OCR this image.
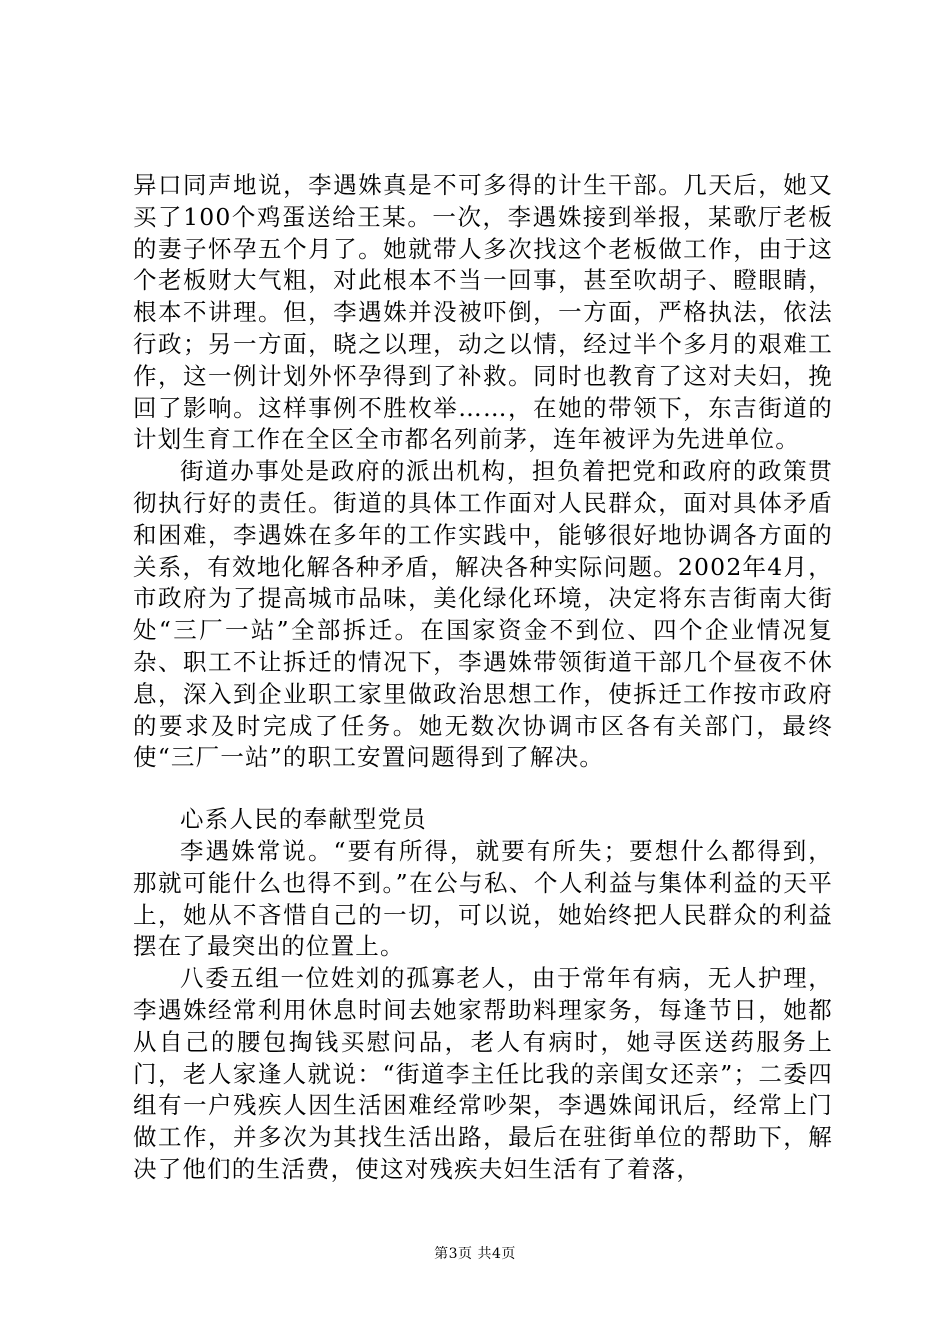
异口同声地说，李遇姝真是不可多得的计生干部。几天后，她又买了100个鸡蛋送给王某。一次，李遇姝接到举报，某歌厅老板的妻子怀孕五个月了。她就带人多次找这个老板做工作，由于这个老板财大气粗，对此根本不当一回事，甚至吹胡子、瞪眼睛，根本不讲理。但，李遇姝并没被吓倒，一方面，严格执法，依法行政；另一方面，晓之以理，动之以情，经过半个多月的艰难工作，这一例计划外怀孕得到了补救。同时也教育了这对夫妇，挽回了影响。这样事例不胜枚举……，在她的带领下，东吉街道的计划生育工作在全区全市都名列前茅，连年被评为先进单位。

街道办事处是政府的派出机构，担负着把党和政府的政策贯彻执行好的责任。街道的具体工作面对人民群众，面对具体矛盾和困难，李遇姝在多年的工作实践中，能够很好地协调各方面的关系，有效地化解各种矛盾，解决各种实际问题。2002年4月，市政府为了提高城市品味，美化绿化环境，决定将东吉街南大街处“三厂一站”全部拆迁。在国家资金不到位、四个企业情况复杂、职工不让拆迁的情况下，李遇姝带领街道干部几个昼夜不休息，深入到企业职工家里做政治思想工作，使拆迁工作按市政府的要求及时完成了任务。她无数次协调市区各有关部门，最终使“三厂一站”的职工安置问题得到了解决。

心系人民的奉献型党员

李遇姝常说。“要有所得，就要有所失；要想什么都得到，那就可能什么也得不到。”在公与私、个人利益与集体利益的天平上，她从不吝惜自己的一切，可以说，她始终把人民群众的利益摆在了最突出的位置上。

八委五组一位姓刘的孤寡老人，由于常年有病，无人护理，李遇姝经常利用休息时间去她家帮助料理家务，每逢节日，她都从自己的腰包掏钱买慰问品，老人有病时，她寻医送药服务上门，老人家逢人就说：“街道李主任比我的亲闺女还亲”；二委四组有一户残疾人因生活困难经常吵架，李遇姝闻讯后，经常上门做工作，并多次为其找生活出路，最后在驻街单位的帮助下，解决了他们的生活费，使这对残疾夫妇生活有了着落，

第3页 共4页
